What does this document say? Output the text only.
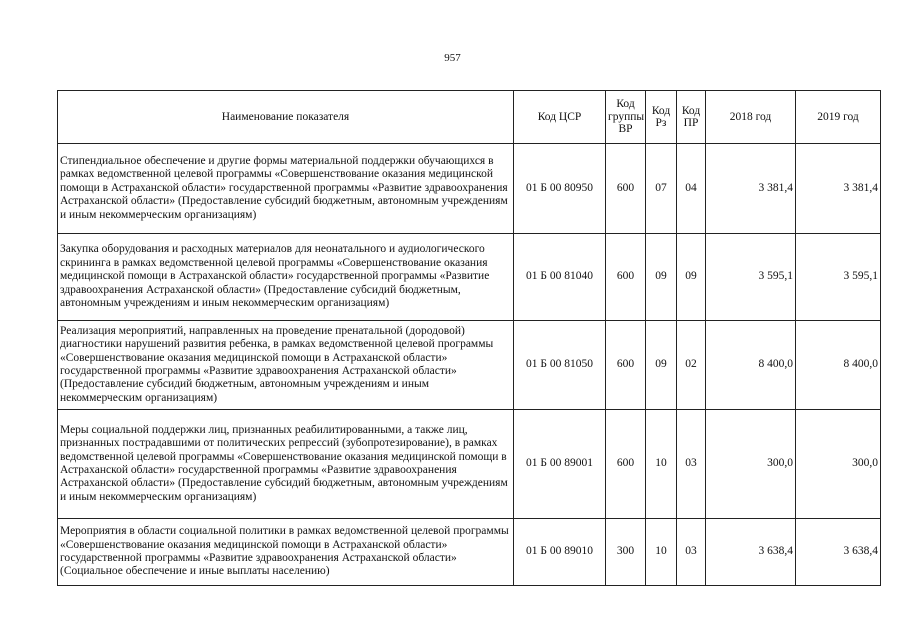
957
Наименование показателя	Код ЦСР	Код группы ВР	Код Рз	Код ПР	2018 год	2019 год
Стипендиальное обеспечение и другие формы материальной поддержки обучающихся в рамках ведомственной целевой программы «Совершенствование оказания медицинской помощи в Астраханской области» государственной программы «Развитие здравоохранения Астраханской области» (Предоставление субсидий бюджетным, автономным учреждениям и иным некоммерческим организациям)	01 Б 00 80950	600	07	04	3 381,4	3 381,4
Закупка оборудования и расходных материалов для неонатального и аудиологического скрининга в рамках ведомственной целевой программы «Совершенствование оказания медицинской помощи в Астраханской области» государственной программы «Развитие здравоохранения Астраханской области» (Предоставление субсидий бюджетным, автономным учреждениям и иным некоммерческим организациям)	01 Б 00 81040	600	09	09	3 595,1	3 595,1
Реализация мероприятий, направленных на проведение пренатальной (дородовой) диагностики нарушений развития ребенка, в рамках ведомственной целевой программы «Совершенствование оказания медицинской помощи в Астраханской области» государственной программы «Развитие здравоохранения Астраханской области» (Предоставление субсидий бюджетным, автономным учреждениям и иным некоммерческим организациям)	01 Б 00 81050	600	09	02	8 400,0	8 400,0
Меры социальной поддержки лиц, признанных реабилитированными, а также лиц, признанных пострадавшими от политических репрессий (зубопротезирование), в рамках ведомственной целевой программы «Совершенствование оказания медицинской помощи в Астраханской области» государственной программы «Развитие здравоохранения Астраханской области» (Предоставление субсидий бюджетным, автономным учреждениям и иным некоммерческим организациям)	01 Б 00 89001	600	10	03	300,0	300,0
Мероприятия в области социальной политики в рамках ведомственной целевой программы «Совершенствование оказания медицинской помощи в Астраханской области» государственной программы «Развитие здравоохранения Астраханской области» (Социальное обеспечение и иные выплаты населению)	01 Б 00 89010	300	10	03	3 638,4	3 638,4
